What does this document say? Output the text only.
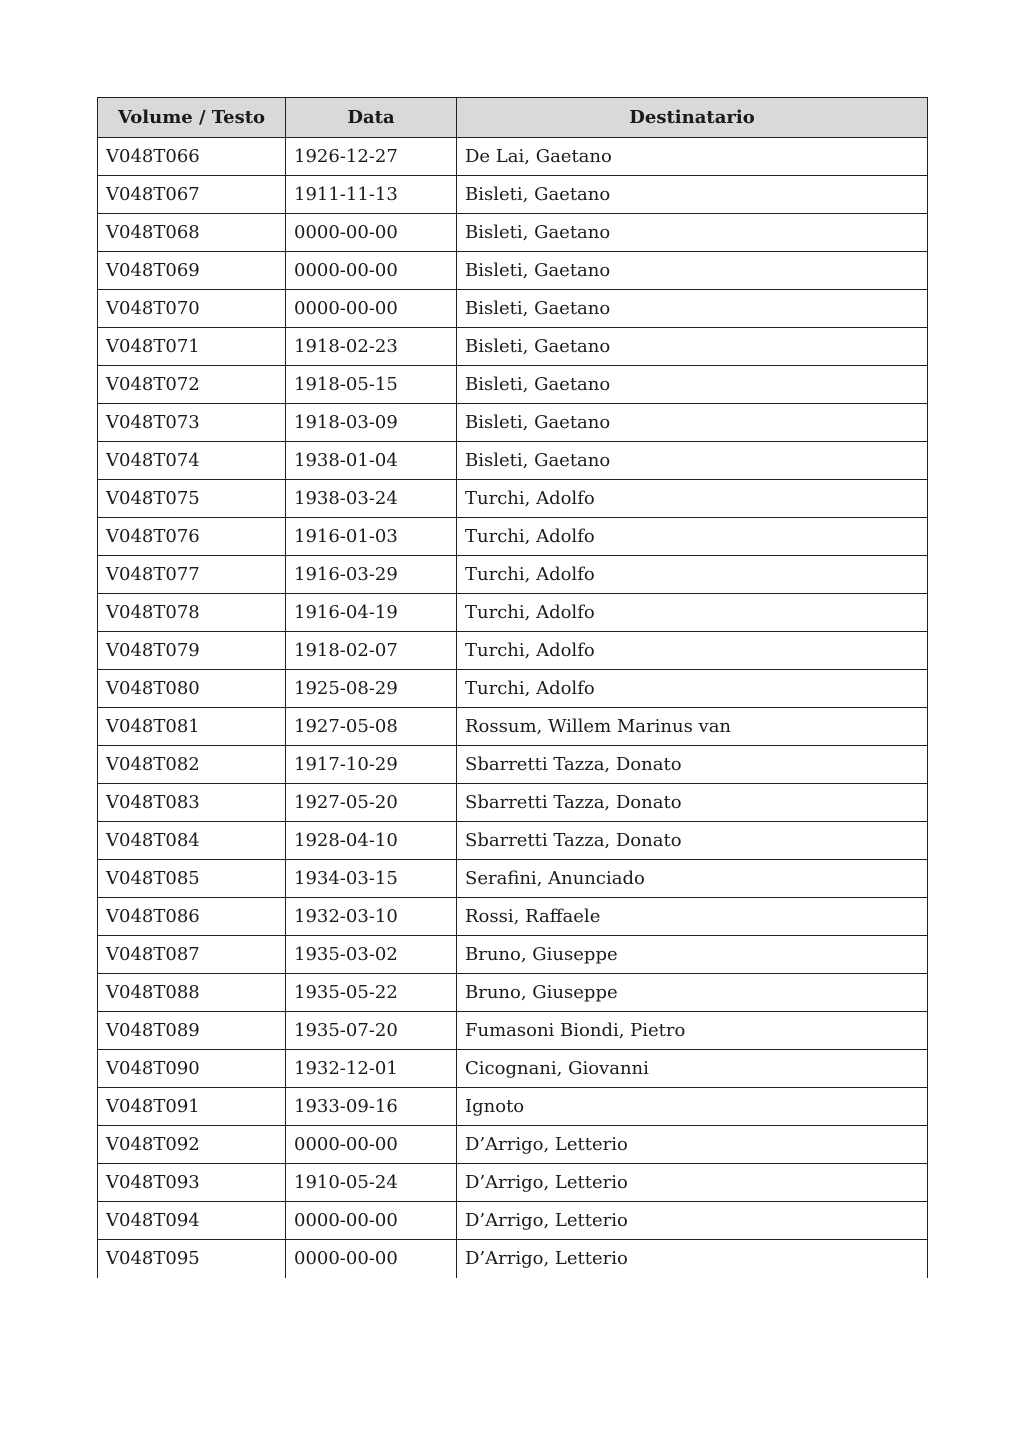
Volume / Testo	Data	Destinatario
V048T066	1926-12-27	De Lai, Gaetano
V048T067	1911-11-13	Bisleti, Gaetano
V048T068	0000-00-00	Bisleti, Gaetano
V048T069	0000-00-00	Bisleti, Gaetano
V048T070	0000-00-00	Bisleti, Gaetano
V048T071	1918-02-23	Bisleti, Gaetano
V048T072	1918-05-15	Bisleti, Gaetano
V048T073	1918-03-09	Bisleti, Gaetano
V048T074	1938-01-04	Bisleti, Gaetano
V048T075	1938-03-24	Turchi, Adolfo
V048T076	1916-01-03	Turchi, Adolfo
V048T077	1916-03-29	Turchi, Adolfo
V048T078	1916-04-19	Turchi, Adolfo
V048T079	1918-02-07	Turchi, Adolfo
V048T080	1925-08-29	Turchi, Adolfo
V048T081	1927-05-08	Rossum, Willem Marinus van
V048T082	1917-10-29	Sbarretti Tazza, Donato
V048T083	1927-05-20	Sbarretti Tazza, Donato
V048T084	1928-04-10	Sbarretti Tazza, Donato
V048T085	1934-03-15	Serafini, Anunciado
V048T086	1932-03-10	Rossi, Raffaele
V048T087	1935-03-02	Bruno, Giuseppe
V048T088	1935-05-22	Bruno, Giuseppe
V048T089	1935-07-20	Fumasoni Biondi, Pietro
V048T090	1932-12-01	Cicognani, Giovanni
V048T091	1933-09-16	Ignoto
V048T092	0000-00-00	D’Arrigo, Letterio
V048T093	1910-05-24	D’Arrigo, Letterio
V048T094	0000-00-00	D’Arrigo, Letterio
V048T095	0000-00-00	D’Arrigo, Letterio
